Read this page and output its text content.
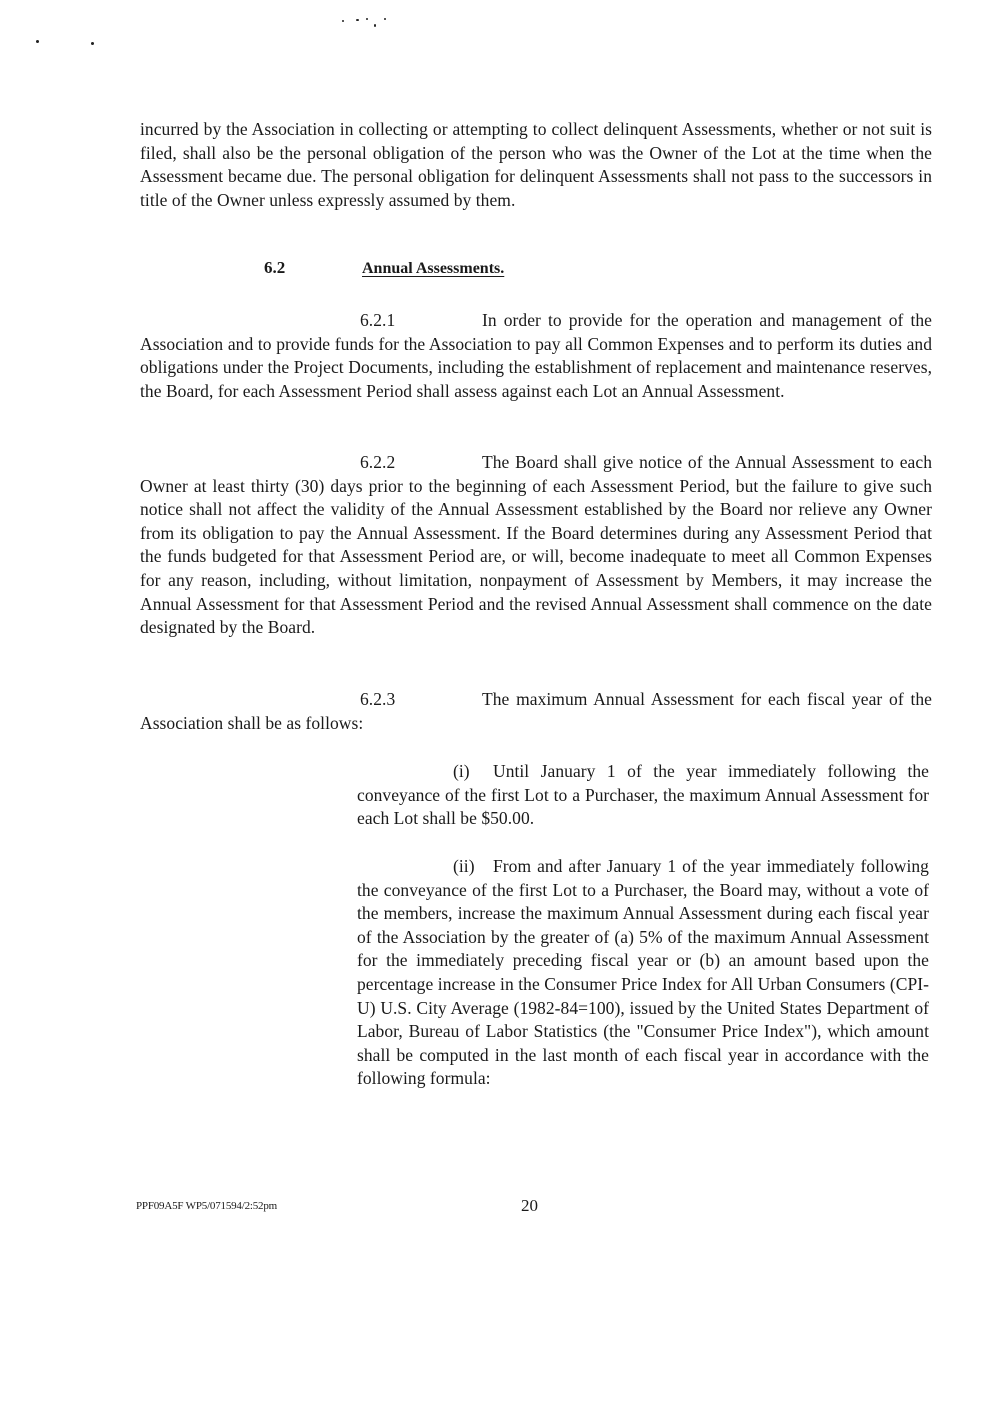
incurred by the Association in collecting or attempting to collect delinquent Assessments, whether or not suit is filed, shall also be the personal obligation of the person who was the Owner of the Lot at the time when the Assessment became due. The personal obligation for delinquent Assessments shall not pass to the successors in title of the Owner unless expressly assumed by them.

6.2	Annual Assessments.

6.2.1	In order to provide for the operation and management of the Association and to provide funds for the Association to pay all Common Expenses and to perform its duties and obligations under the Project Documents, including the establishment of replacement and maintenance reserves, the Board, for each Assessment Period shall assess against each Lot an Annual Assessment.

6.2.2	The Board shall give notice of the Annual Assessment to each Owner at least thirty (30) days prior to the beginning of each Assessment Period, but the failure to give such notice shall not affect the validity of the Annual Assessment established by the Board nor relieve any Owner from its obligation to pay the Annual Assessment. If the Board determines during any Assessment Period that the funds budgeted for that Assessment Period are, or will, become inadequate to meet all Common Expenses for any reason, including, without limitation, nonpayment of Assessment by Members, it may increase the Annual Assessment for that Assessment Period and the revised Annual Assessment shall commence on the date designated by the Board.

6.2.3	The maximum Annual Assessment for each fiscal year of the Association shall be as follows:

(i) Until January 1 of the year immediately following the conveyance of the first Lot to a Purchaser, the maximum Annual Assessment for each Lot shall be $50.00.

(ii) From and after January 1 of the year immediately following the conveyance of the first Lot to a Purchaser, the Board may, without a vote of the members, increase the maximum Annual Assessment during each fiscal year of the Association by the greater of (a) 5% of the maximum Annual Assessment for the immediately preceding fiscal year or (b) an amount based upon the percentage increase in the Consumer Price Index for All Urban Consumers (CPI-U) U.S. City Average (1982-84=100), issued by the United States Department of Labor, Bureau of Labor Statistics (the "Consumer Price Index"), which amount shall be computed in the last month of each fiscal year in accordance with the following formula:

PPF09A5F WP5/071594/2:52pm	20
